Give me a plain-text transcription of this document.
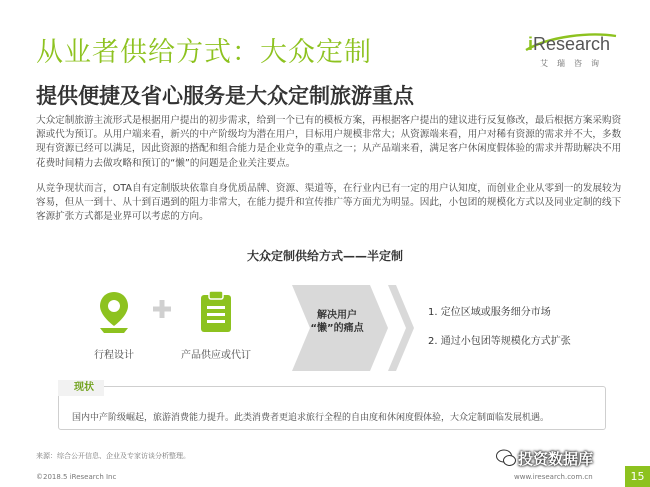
从业者供给方式：大众定制
提供便捷及省心服务是大众定制旅游重点
iResearch
艾瑞咨询
大众定制旅游主流形式是根据用户提出的初步需求，给到一个已有的模板方案，再根据客户提出的建议进行反复修改，最后根据方案采购资源或代为预订。从用户端来看，新兴的中产阶级均为潜在用户，目标用户规模非常大；从资源端来看，用户对稀有资源的需求并不大，多数现有资源已经可以满足，因此资源的搭配和组合能力是企业竞争的重点之一；从产品端来看，满足客户休闲度假体验的需求并帮助解决不用花费时间精力去做攻略和预订的“懒”的问题是企业关注要点。
从竞争现状而言，OTA自有定制版块依靠自身优质品牌、资源、渠道等，在行业内已有一定的用户认知度，而创业企业从零到一的发展较为容易，但从一到十、从十到百遇到的阻力非常大，在能力提升和宣传推广等方面尤为明显。因此，小包团的规模化方式以及同业定制的线下客源扩张方式都是业界可以考虑的方向。
大众定制供给方式——半定制
行程设计	产品供应或代订
解决用户
“懒”的痛点
1. 定位区域或服务细分市场
2. 通过小包团等规模化方式扩张
现状
国内中产阶级崛起，旅游消费能力提升。此类消费者更追求旅行全程的自由度和休闲度假体验，大众定制面临发展机遇。
来源：综合公开信息、企业及专家访谈分析整理。
©2018.5 iResearch Inc	www.iresearch.com.cn	15
投资数据库
